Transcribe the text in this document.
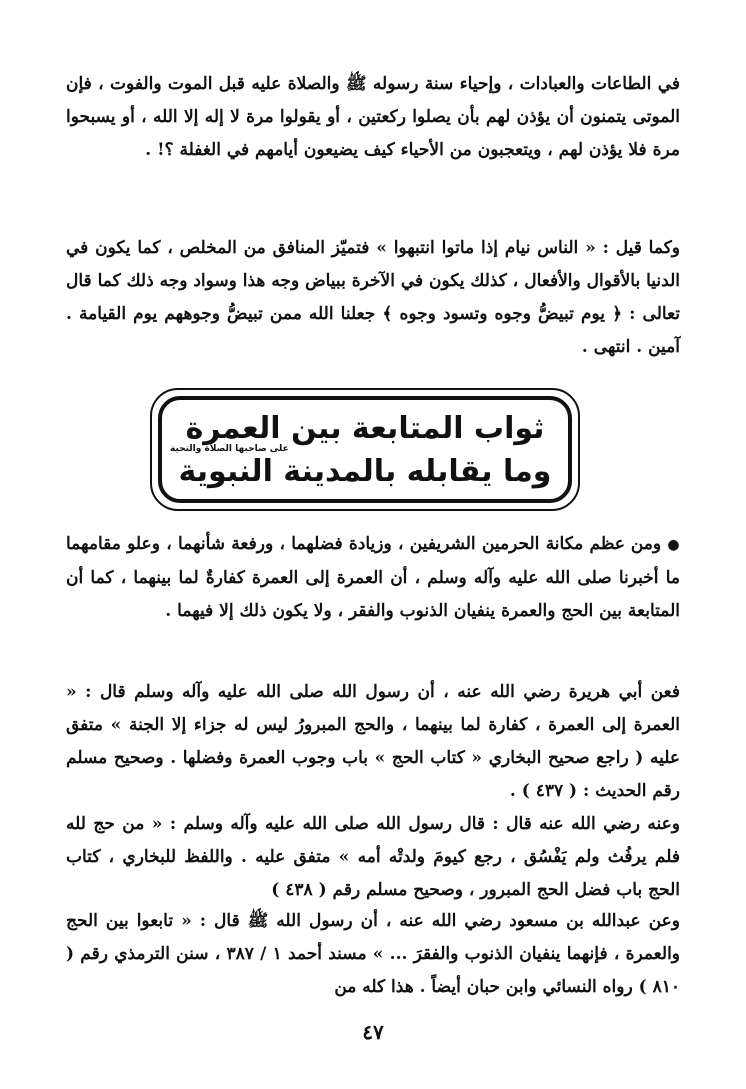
في الطاعات والعبادات ، وإحياء سنة رسوله ﷺ والصلاة عليه قبل الموت والفوت ، فإن الموتى يتمنون أن يؤذن لهم بأن يصلوا ركعتين ، أو يقولوا مرة لا إله إلا الله ، أو يسبحوا مرة فلا يؤذن لهم ، ويتعجبون من الأحياء كيف يضيعون أيامهم في الغفلة ؟! .

وكما قيل : « الناس نيام إذا ماتوا انتبهوا » فتميّز المنافق من المخلص ، كما يكون في الدنيا بالأقوال والأفعال ، كذلك يكون في الآخرة ببياض وجه هذا وسواد وجه ذلك كما قال تعالى : ﴿ يوم تبيضُّ وجوه وتسود وجوه ﴾ جعلنا الله ممن تبيضُّ وجوههم يوم القيامة . آمين . انتهى .

ثواب المتابعة بين العمرة
وما يقابله بالمدينة النبوية
على صاحبها الصلاة والتحية

● ومن عظم مكانة الحرمين الشريفين ، وزيادة فضلهما ، ورفعة شأنهما ، وعلو مقامهما ما أخبرنا صلى الله عليه وآله وسلم ، أن العمرة إلى العمرة كفارةٌ لما بينهما ، كما أن المتابعة بين الحج والعمرة ينفيان الذنوب والفقر ، ولا يكون ذلك إلا فيهما .

فعن أبي هريرة رضي الله عنه ، أن رسول الله صلى الله عليه وآله وسلم قال : « العمرة إلى العمرة ، كفارة لما بينهما ، والحج المبرورُ ليس له جزاء إلا الجنة » متفق عليه ( راجع صحيح البخاري « كتاب الحج » باب وجوب العمرة وفضلها . وصحيح مسلم رقم الحديث : ( ٤٣٧ ) .

وعنه رضي الله عنه قال : قال رسول الله صلى الله عليه وآله وسلم : « من حج لله فلم يرفُث ولم يَفْسُق ، رجع كيومَ ولدتْه أمه » متفق عليه . واللفظ للبخاري ، كتاب الحج باب فضل الحج المبرور ، وصحيح مسلم رقم ( ٤٣٨ )

وعن عبدالله بن مسعود رضي الله عنه ، أن رسول الله ﷺ قال : « تابعوا بين الحج والعمرة ، فإنهما ينفيان الذنوب والفقرَ ... » مسند أحمد ١ / ٣٨٧ ، سنن الترمذي رقم ( ٨١٠ ) رواه النسائي وابن حبان أيضاً . هذا كله من

٤٧
